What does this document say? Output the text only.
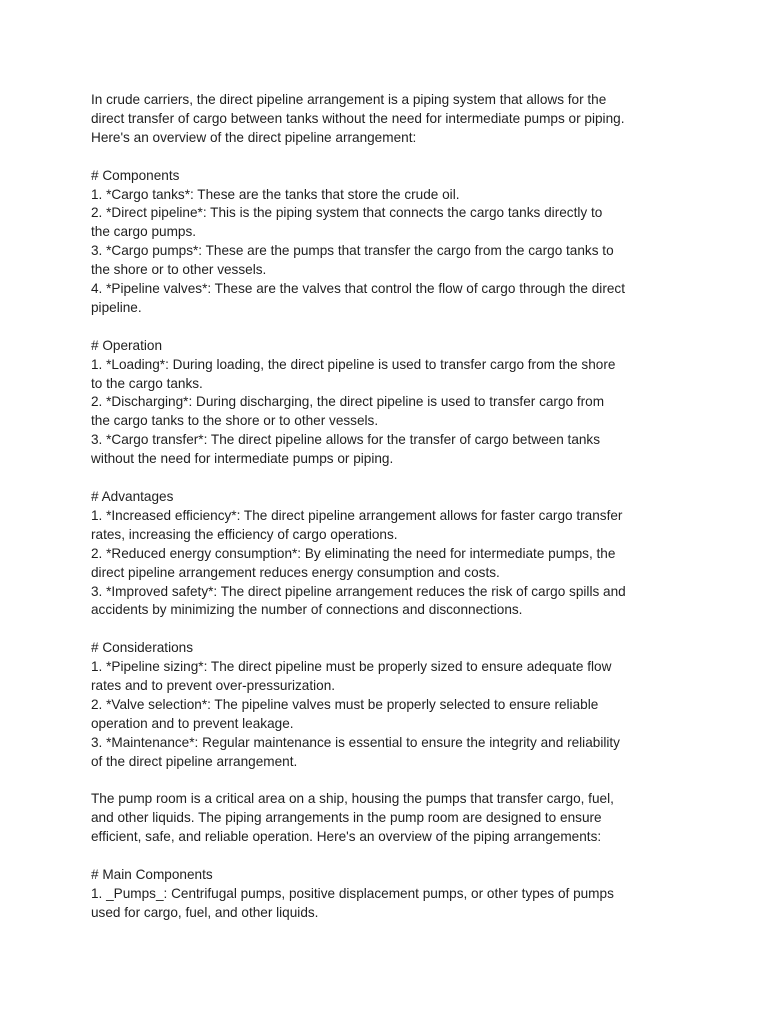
In crude carriers, the direct pipeline arrangement is a piping system that allows for the
direct transfer of cargo between tanks without the need for intermediate pumps or piping.
Here's an overview of the direct pipeline arrangement:
# Components
1. *Cargo tanks*: These are the tanks that store the crude oil.
2. *Direct pipeline*: This is the piping system that connects the cargo tanks directly to
the cargo pumps.
3. *Cargo pumps*: These are the pumps that transfer the cargo from the cargo tanks to
the shore or to other vessels.
4. *Pipeline valves*: These are the valves that control the flow of cargo through the direct
pipeline.
# Operation
1. *Loading*: During loading, the direct pipeline is used to transfer cargo from the shore
to the cargo tanks.
2. *Discharging*: During discharging, the direct pipeline is used to transfer cargo from
the cargo tanks to the shore or to other vessels.
3. *Cargo transfer*: The direct pipeline allows for the transfer of cargo between tanks
without the need for intermediate pumps or piping.
# Advantages
1. *Increased efficiency*: The direct pipeline arrangement allows for faster cargo transfer
rates, increasing the efficiency of cargo operations.
2. *Reduced energy consumption*: By eliminating the need for intermediate pumps, the
direct pipeline arrangement reduces energy consumption and costs.
3. *Improved safety*: The direct pipeline arrangement reduces the risk of cargo spills and
accidents by minimizing the number of connections and disconnections.
# Considerations
1. *Pipeline sizing*: The direct pipeline must be properly sized to ensure adequate flow
rates and to prevent over-pressurization.
2. *Valve selection*: The pipeline valves must be properly selected to ensure reliable
operation and to prevent leakage.
3. *Maintenance*: Regular maintenance is essential to ensure the integrity and reliability
of the direct pipeline arrangement.
The pump room is a critical area on a ship, housing the pumps that transfer cargo, fuel,
and other liquids. The piping arrangements in the pump room are designed to ensure
efficient, safe, and reliable operation. Here's an overview of the piping arrangements:
# Main Components
1. _Pumps_: Centrifugal pumps, positive displacement pumps, or other types of pumps
used for cargo, fuel, and other liquids.
